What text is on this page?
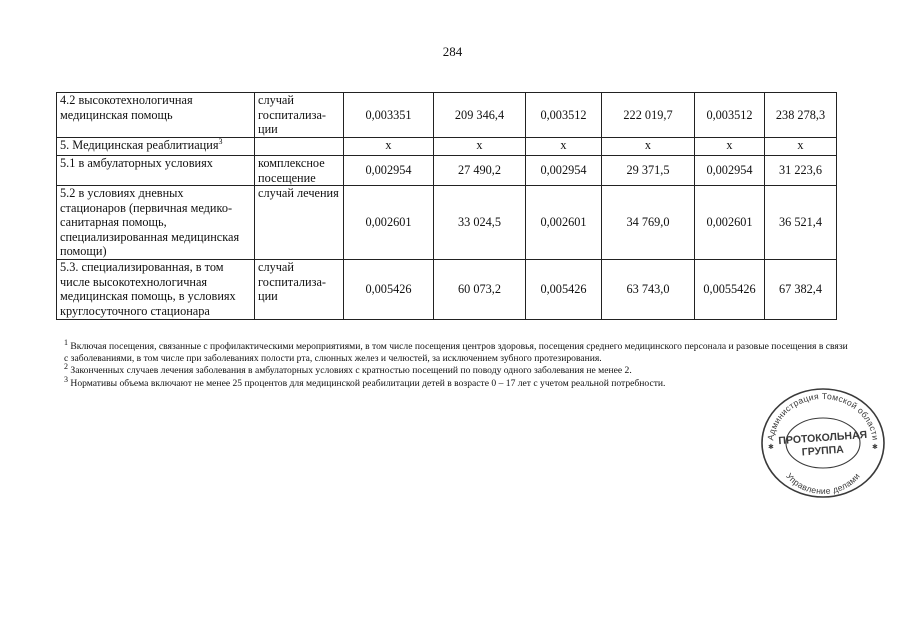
284
4.2 высокотехнологичная медицинская помощь	случай госпитализа-ции	0,003351	209 346,4	0,003512	222 019,7	0,003512	238 278,3
5. Медицинская реаблитиация$^3$		х	х	х	х	х	х
5.1 в амбулаторных условиях	комплексное посещение	0,002954	27 490,2	0,002954	29 371,5	0,002954	31 223,6
5.2 в условиях дневных стационаров (первичная медико-санитарная помощь, специализированная медицинская помощи)	случай лечения	0,002601	33 024,5	0,002601	34 769,0	0,002601	36 521,4
5.3. специализированная, в том числе высокотехнологичная медицинская помощь, в условиях круглосуточного стационара	случай госпитализа-ции	0,005426	60 073,2	0,005426	63 743,0	0,0055426	67 382,4

$^1$ Включая посещения, связанные с профилактическими мероприятиями, в том числе посещения центров здоровья, посещения среднего медицинского персонала и разовые посещения в связи с заболеваниями, в том числе при заболеваниях полости рта, слюнных желез и челюстей, за исключением зубного протезирования.

$^2$ Законченных случаев лечения заболевания в амбулаторных условиях с кратностью посещений по поводу одного заболевания не менее 2.

$^3$ Нормативы объема включают не менее 25 процентов для медицинской реабилитации детей в возрасте 0 – 17 лет с учетом реальной потребности.

Администрация Томской области
Управление делами
ПРОТОКОЛЬНАЯ
ГРУППА
✱	✱
